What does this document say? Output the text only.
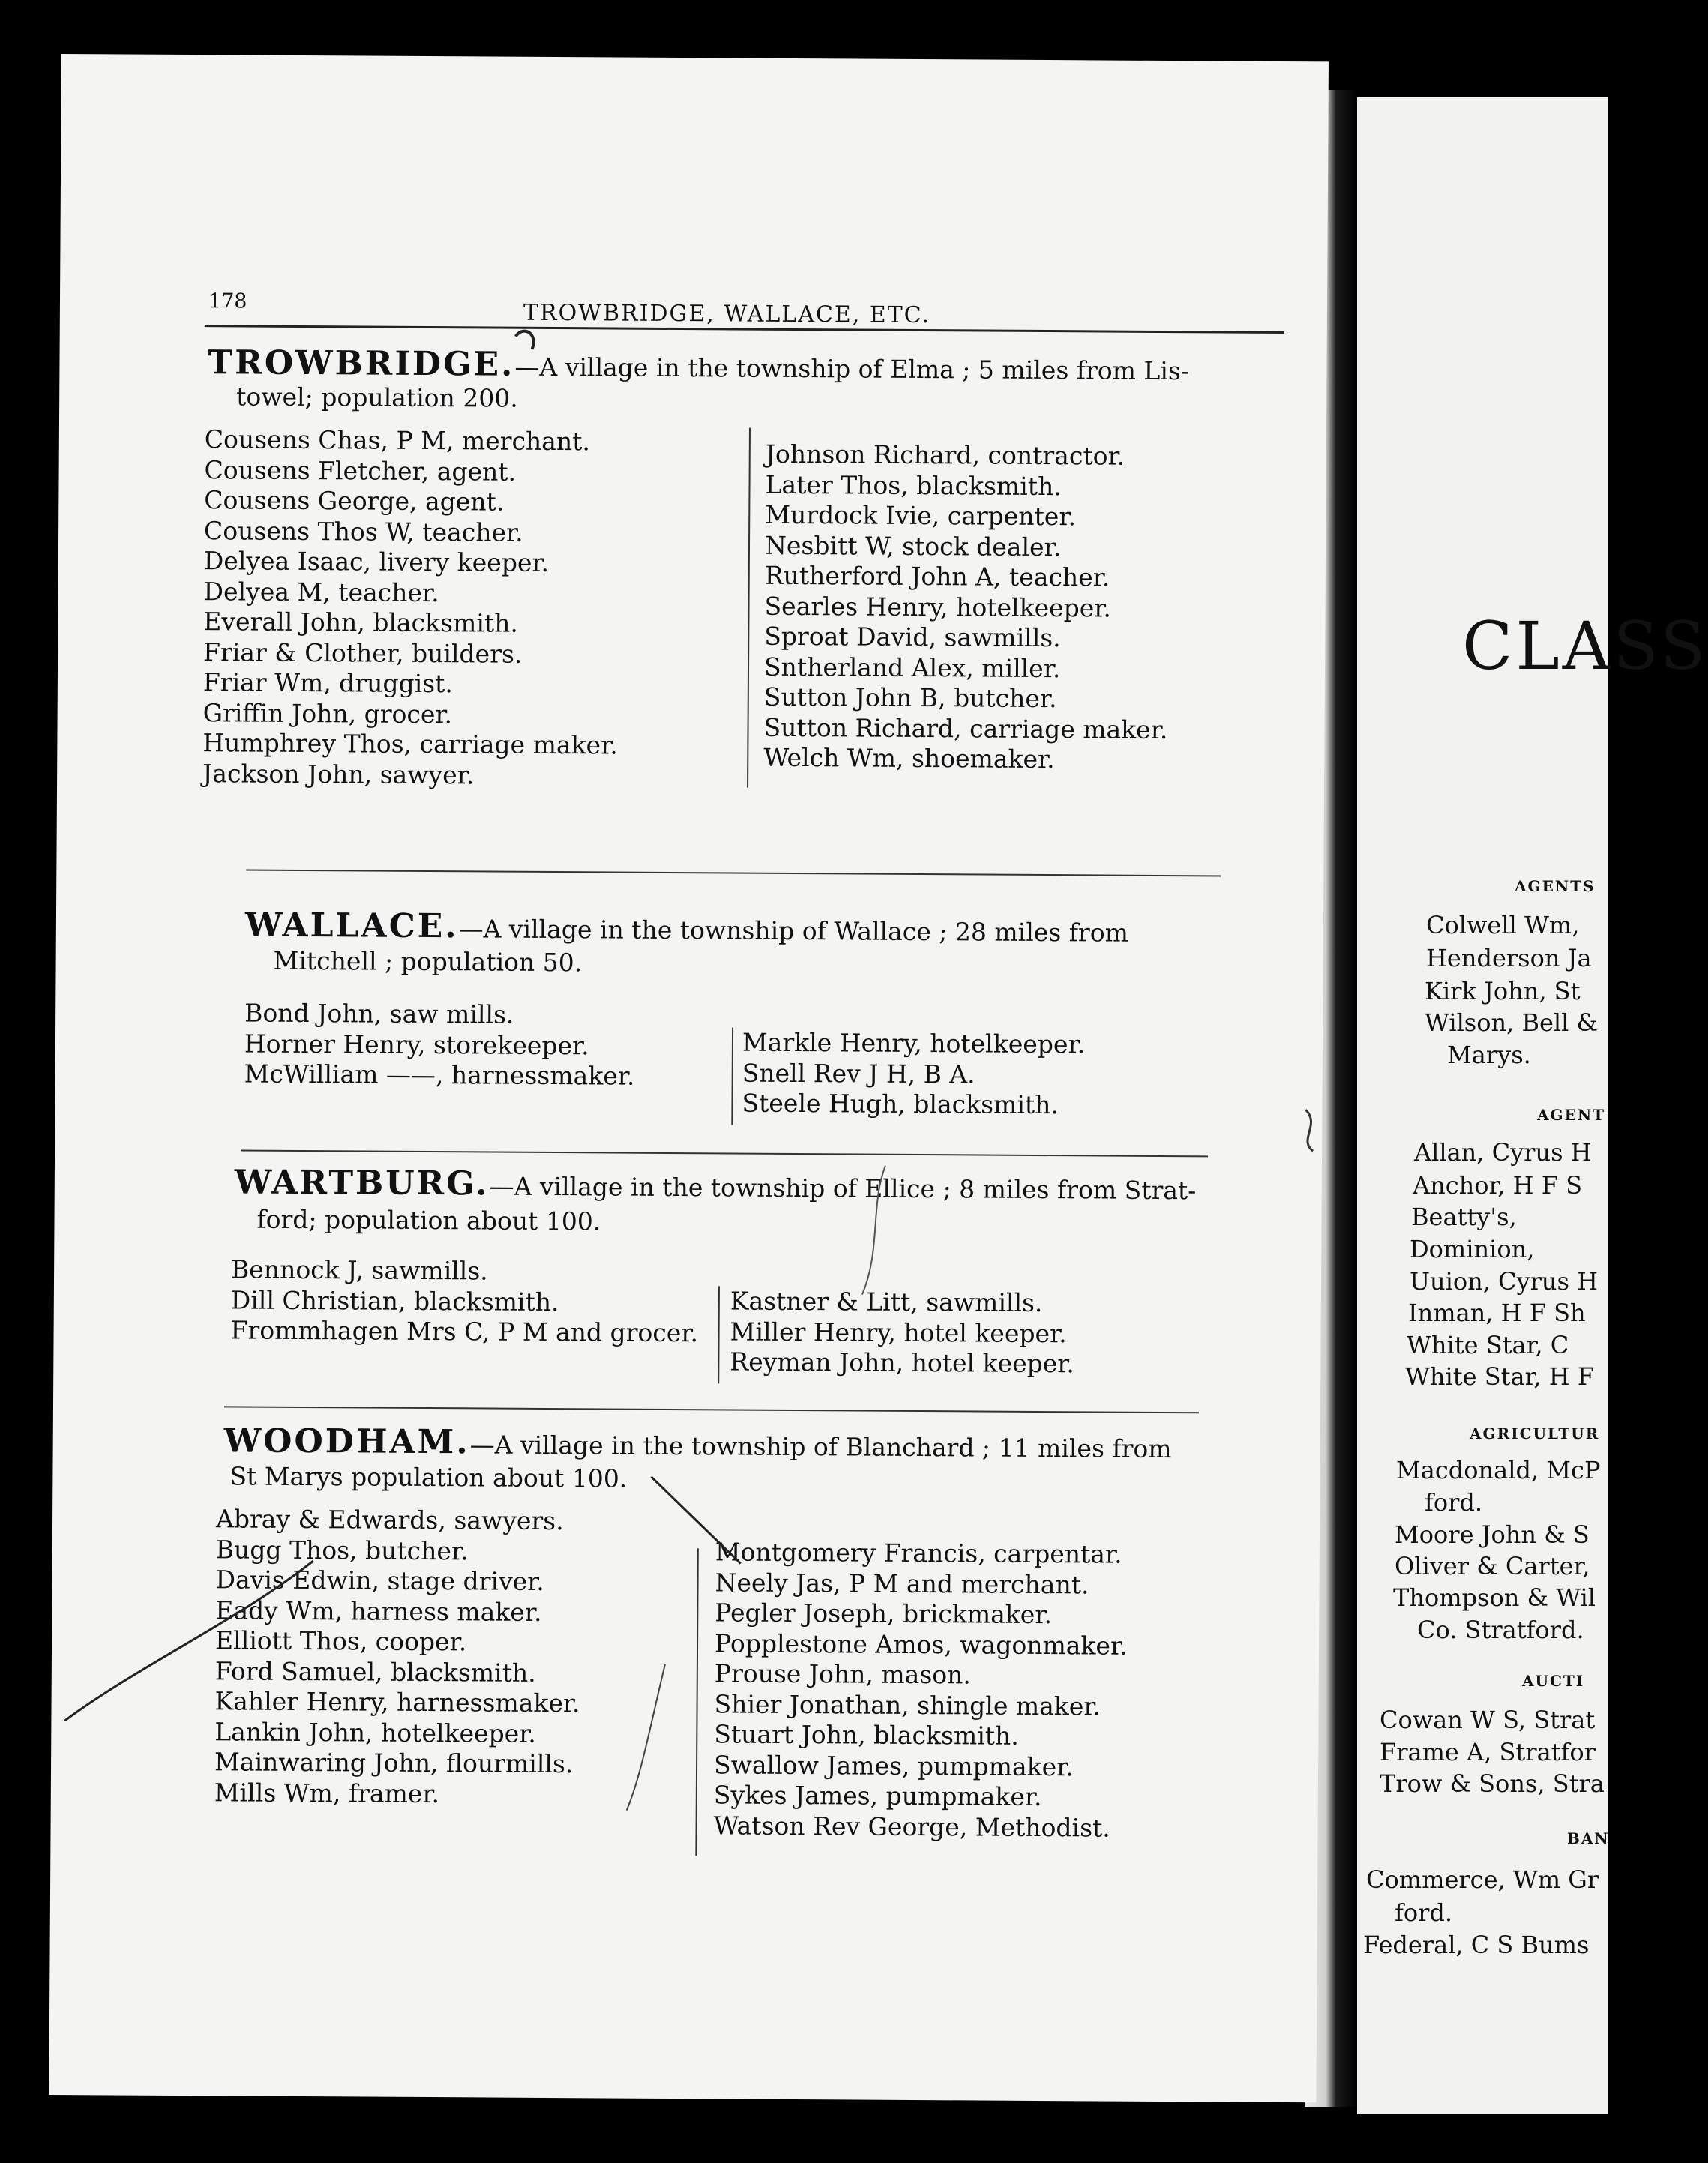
CLASS
AGENTS
Colwell Wm,
Henderson Ja
Kirk John, St
Wilson, Bell &
Marys.
AGENT
Allan, Cyrus H
Anchor, H F S
Beatty's,
Dominion,
Uuion, Cyrus H
Inman, H F Sh
White Star, C
White Star, H F
AGRICULTUR
Macdonald, McP
ford.
Moore John & S
Oliver & Carter,
Thompson & Wil
Co. Stratford.
AUCTI
Cowan W S, Strat
Frame A, Stratfor
Trow & Sons, Stra
BAN
Commerce, Wm Gr
ford.
Federal, C S Bums
178	TROWBRIDGE, WALLACE, ETC.
TROWBRIDGE.—A village in the township of Elma ; 5 miles from Lis-
towel; population 200.
Cousens Chas, P M, merchant.
Cousens Fletcher, agent.
Cousens George, agent.
Cousens Thos W, teacher.
Delyea Isaac, livery keeper.
Delyea M, teacher.
Everall John, blacksmith.
Friar & Clother, builders.
Friar Wm, druggist.
Griffin John, grocer.
Humphrey Thos, carriage maker.
Jackson John, sawyer.
Johnson Richard, contractor.
Later Thos, blacksmith.
Murdock Ivie, carpenter.
Nesbitt W, stock dealer.
Rutherford John A, teacher.
Searles Henry, hotelkeeper.
Sproat David, sawmills.
Sntherland Alex, miller.
Sutton John B, butcher.
Sutton Richard, carriage maker.
Welch Wm, shoemaker.
WALLACE.—A village in the township of Wallace ; 28 miles from
Mitchell ; population 50.
Bond John, saw mills.
Horner Henry, storekeeper.
McWilliam ——, harnessmaker.
Markle Henry, hotelkeeper.
Snell Rev J H, B A.
Steele Hugh, blacksmith.
WARTBURG.—A village in the township of Ellice ; 8 miles from Strat-
ford; population about 100.
Bennock J, sawmills.
Dill Christian, blacksmith.
Frommhagen Mrs C, P M and grocer.
Kastner & Litt, sawmills.
Miller Henry, hotel keeper.
Reyman John, hotel keeper.
WOODHAM.—A village in the township of Blanchard ; 11 miles from
St Marys population about 100.
Abray & Edwards, sawyers.
Bugg Thos, butcher.
Davis Edwin, stage driver.
Eady Wm, harness maker.
Elliott Thos, cooper.
Ford Samuel, blacksmith.
Kahler Henry, harnessmaker.
Lankin John, hotelkeeper.
Mainwaring John, flourmills.
Mills Wm, framer.
Montgomery Francis, carpentar.
Neely Jas, P M and merchant.
Pegler Joseph, brickmaker.
Popplestone Amos, wagonmaker.
Prouse John, mason.
Shier Jonathan, shingle maker.
Stuart John, blacksmith.
Swallow James, pumpmaker.
Sykes James, pumpmaker.
Watson Rev George, Methodist.
